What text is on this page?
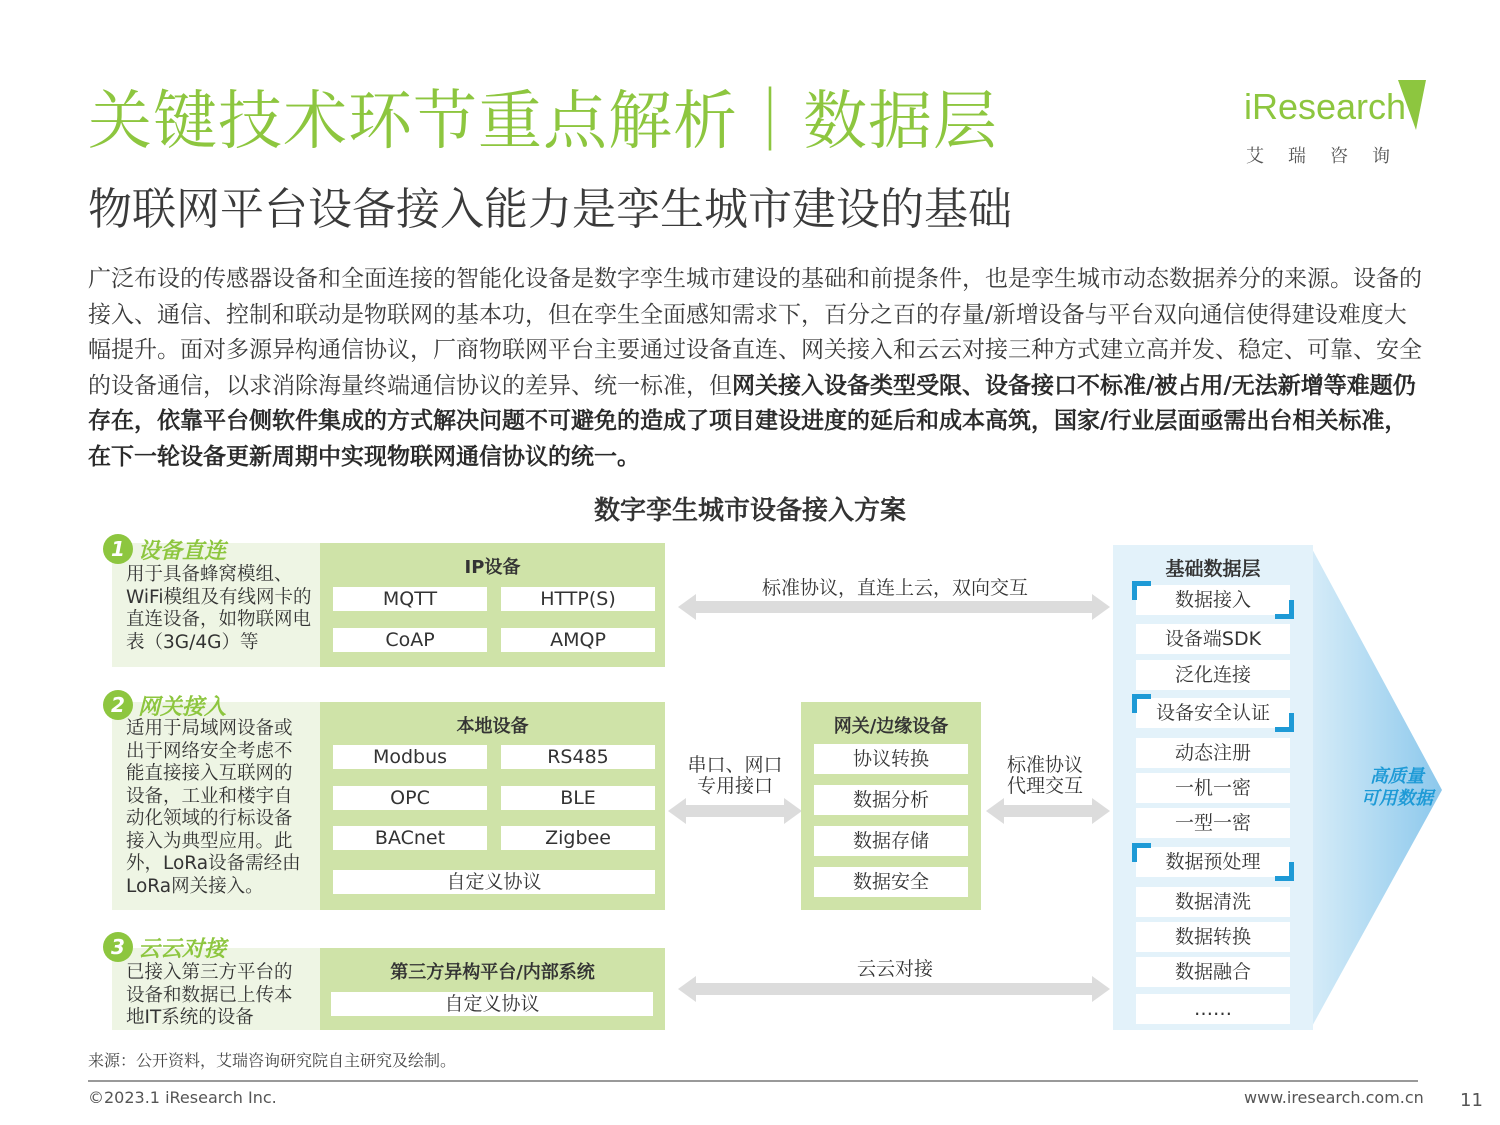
关键技术环节重点解析｜数据层
物联网平台设备接入能力是孪生城市建设的基础
iResearch
艾瑞咨询
广泛布设的传感器设备和全面连接的智能化设备是数字孪生城市建设的基础和前提条件，也是孪生城市动态数据养分的来源。设备的接入、通信、控制和联动是物联网的基本功，但在孪生全面感知需求下，百分之百的存量/新增设备与平台双向通信使得建设难度大幅提升。面对多源异构通信协议，厂商物联网平台主要通过设备直连、网关接入和云云对接三种方式建立高并发、稳定、可靠、安全的设备通信，以求消除海量终端通信协议的差异、统一标准，但网关接入设备类型受限、设备接口不标准/被占用/无法新增等难题仍存在，依靠平台侧软件集成的方式解决问题不可避免的造成了项目建设进度的延后和成本高筑，国家/行业层面亟需出台相关标准，在下一轮设备更新周期中实现物联网通信协议的统一。
数字孪生城市设备接入方案
1 设备直连
用于具备蜂窝模组、WiFi模组及有线网卡的直连设备，如物联网电表（3G/4G）等
IP设备
MQTT	HTTP(S)
CoAP	AMQP
2 网关接入
适用于局域网设备或出于网络安全考虑不能直接接入互联网的设备，工业和楼宇自动化领域的行标设备接入为典型应用。此外，LoRa设备需经由LoRa网关接入。
本地设备
Modbus	RS485
OPC	BLE
BACnet	Zigbee
自定义协议
3 云云对接
已接入第三方平台的设备和数据已上传本地IT系统的设备
第三方异构平台/内部系统
自定义协议
网关/边缘设备
协议转换
数据分析
数据存储
数据安全
标准协议，直连上云，双向交互
串口、网口
专用接口
标准协议
代理交互
云云对接
基础数据层
数据接入
设备端SDK
泛化连接
设备安全认证
动态注册
一机一密
一型一密
数据预处理
数据清洗
数据转换
数据融合
……
高质量
可用数据
来源：公开资料，艾瑞咨询研究院自主研究及绘制。
©2023.1 iResearch Inc.	www.iresearch.com.cn 11
